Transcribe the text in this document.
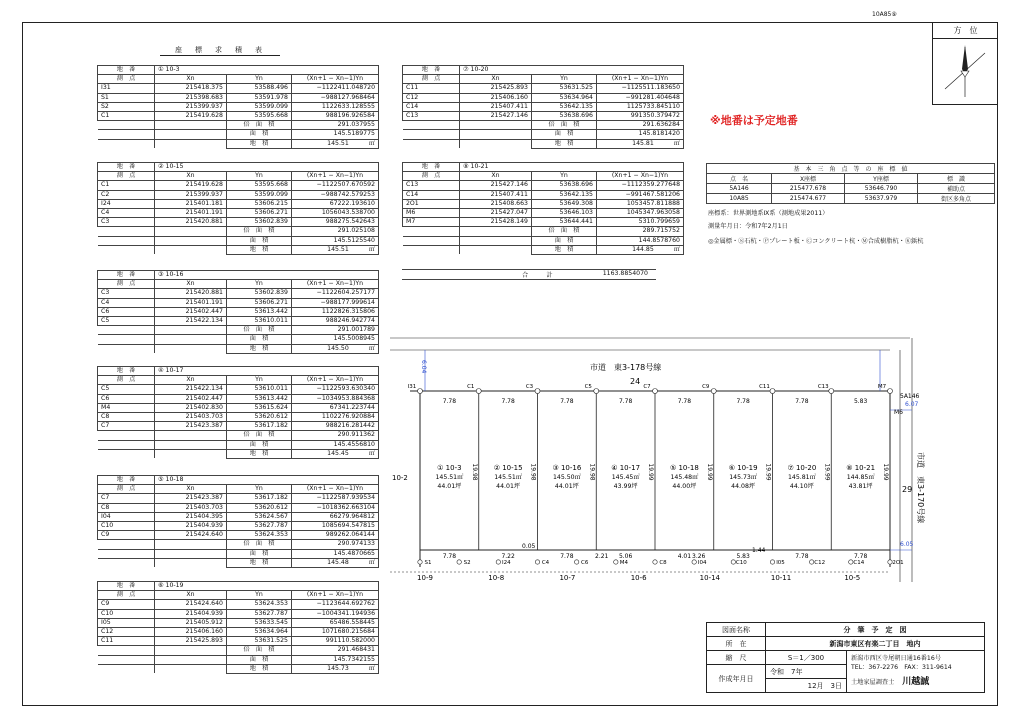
10A85⑨
方　位
座　標　求　積　表
地　番	① 10-3		
測　点	Xn	Yn	(Xn+1 − Xn−1)Yn
I31	215418.375	53588.496	−1122411.048720
S1	215398.683	53591.978	−988127.968464
S2	215399.937	53599.099	1122633.128555
C1	215419.628	53595.668	988196.926584
		倍　面　積	291.037955
		面　積	145.5189775
		地　積	145.51 ㎡
地　番	② 10-15		
測　点	Xn	Yn	(Xn+1 − Xn−1)Yn
C1	215419.628	53595.668	−1122507.670592
C2	215399.937	53599.099	−988742.579253
I24	215401.181	53606.215	67222.193610
C4	215401.191	53606.271	1056043.538700
C3	215420.881	53602.839	988275.542643
		倍　面　積	291.025108
		面　積	145.5125540
		地　積	145.51 ㎡
地　番	③ 10-16		
測　点	Xn	Yn	(Xn+1 − Xn−1)Yn
C3	215420.881	53602.839	−1122604.257177
C4	215401.191	53606.271	−988177.999614
C6	215402.447	53613.442	1122826.315806
C5	215422.134	53610.011	988246.942774
		倍　面　積	291.001789
		面　積	145.5008945
		地　積	145.50 ㎡
地　番	④ 10-17		
測　点	Xn	Yn	(Xn+1 − Xn−1)Yn
C5	215422.134	53610.011	−1122593.630340
C6	215402.447	53613.442	−1034953.884368
M4	215402.830	53615.624	67341.223744
C8	215403.703	53620.612	1102276.920884
C7	215423.387	53617.182	988216.281442
		倍　面　積	290.911362
		面　積	145.4556810
		地　積	145.45 ㎡
地　番	⑤ 10-18		
測　点	Xn	Yn	(Xn+1 − Xn−1)Yn
C7	215423.387	53617.182	−1122587.939534
C8	215403.703	53620.612	−1018362.663104
I04	215404.395	53624.567	66279.964812
C10	215404.939	53627.787	1085694.547815
C9	215424.640	53624.353	989262.064144
		倍　面　積	290.974133
		面　積	145.4870665
		地　積	145.48 ㎡
地　番	⑥ 10-19		
測　点	Xn	Yn	(Xn+1 − Xn−1)Yn
C9	215424.640	53624.353	−1123644.692762
C10	215404.939	53627.787	−1004341.194936
I05	215405.912	53633.545	65486.558445
C12	215406.160	53634.964	1071680.215684
C11	215425.893	53631.525	991110.582000
		倍　面　積	291.468431
		面　積	145.7342155
		地　積	145.73 ㎡
地　番	⑦ 10-20		
測　点	Xn	Yn	(Xn+1 − Xn−1)Yn
C11	215425.893	53631.525	−1125511.183650
C12	215406.160	53634.964	−991281.404648
C14	215407.411	53642.135	1125733.845110
C13	215427.146	53638.696	991350.379472
		倍　面　積	291.636284
		面　積	145.8181420
		地　積	145.81 ㎡
地　番	⑧ 10-21		
測　点	Xn	Yn	(Xn+1 − Xn−1)Yn
C13	215427.146	53638.696	−1112359.277648
C14	215407.411	53642.135	−991467.581206
2O1	215408.663	53649.308	1053457.811888
M6	215427.047	53646.103	1045347.963058
M7	215428.149	53644.441	5310.799659
		倍　面　積	289.715752
		面　積	144.8578760
		地　積	144.85 ㎡
合　計	1163.8854070
※地番は予定地番
基　本　三　角　点　等　の　座　標　値			
点　名	X座標	Y座標	標　識
5A146	215477.678	53646.790	補助点
10A85	215474.677	53637.979	街区多角点
座標系：世界測地系Ⅸ系（測地成果2011）
測量年月日：令和7年2月1日
◎金属標・Ⓢ石杭・Ⓟプレート板・Ⓒコンクリート杭・Ⓜ合成樹脂杭・Ⓚ鋲杭
① 10-3
145.51㎡
44.01坪
7.78
7.78
19.98 ② 10-15
145.51㎡
44.01坪
7.78
7.22
19.98 ③ 10-16
145.50㎡
44.01坪
7.78
7.78
19.98 ④ 10-17
145.45㎡
43.99坪
7.78
5.06
19.99 ⑤ 10-18
145.48㎡
44.00坪
7.78
4.01
19.99 ⑥ 10-19
145.73㎡
44.08坪
7.78
5.83
19.99 ⑦ 10-20
145.81㎡
44.10坪
7.78
7.78
19.99 ⑧ 10-21
144.85㎡
43.81坪
5.83
7.78
19.99
I31	C1	C3	C5	C7	C9	C11	C13	M7
S1	S2	I24	C4	C6	M4	C8	I04	C10	I05	C12	C14	2O1
10-9	10-8	10-7	10-6	10-14	10-11	10-5
市道　東3-178号線
24
市道　東3-170号線
29
10-2
0.05
2.21	3.26
1.44
6.04
6.07
6.05
5A146
M6
図面名称	分　筆　予　定　図	
所　在	新潟市東区有楽二丁目　地内	
縮　尺	S＝1／300	新潟市西区寺尾朝日通16番16号
TEL：367-2276　FAX：311-9614
土地家屋調査士 川越誠

作成年月日	令和　7年	
	12月　3日	
